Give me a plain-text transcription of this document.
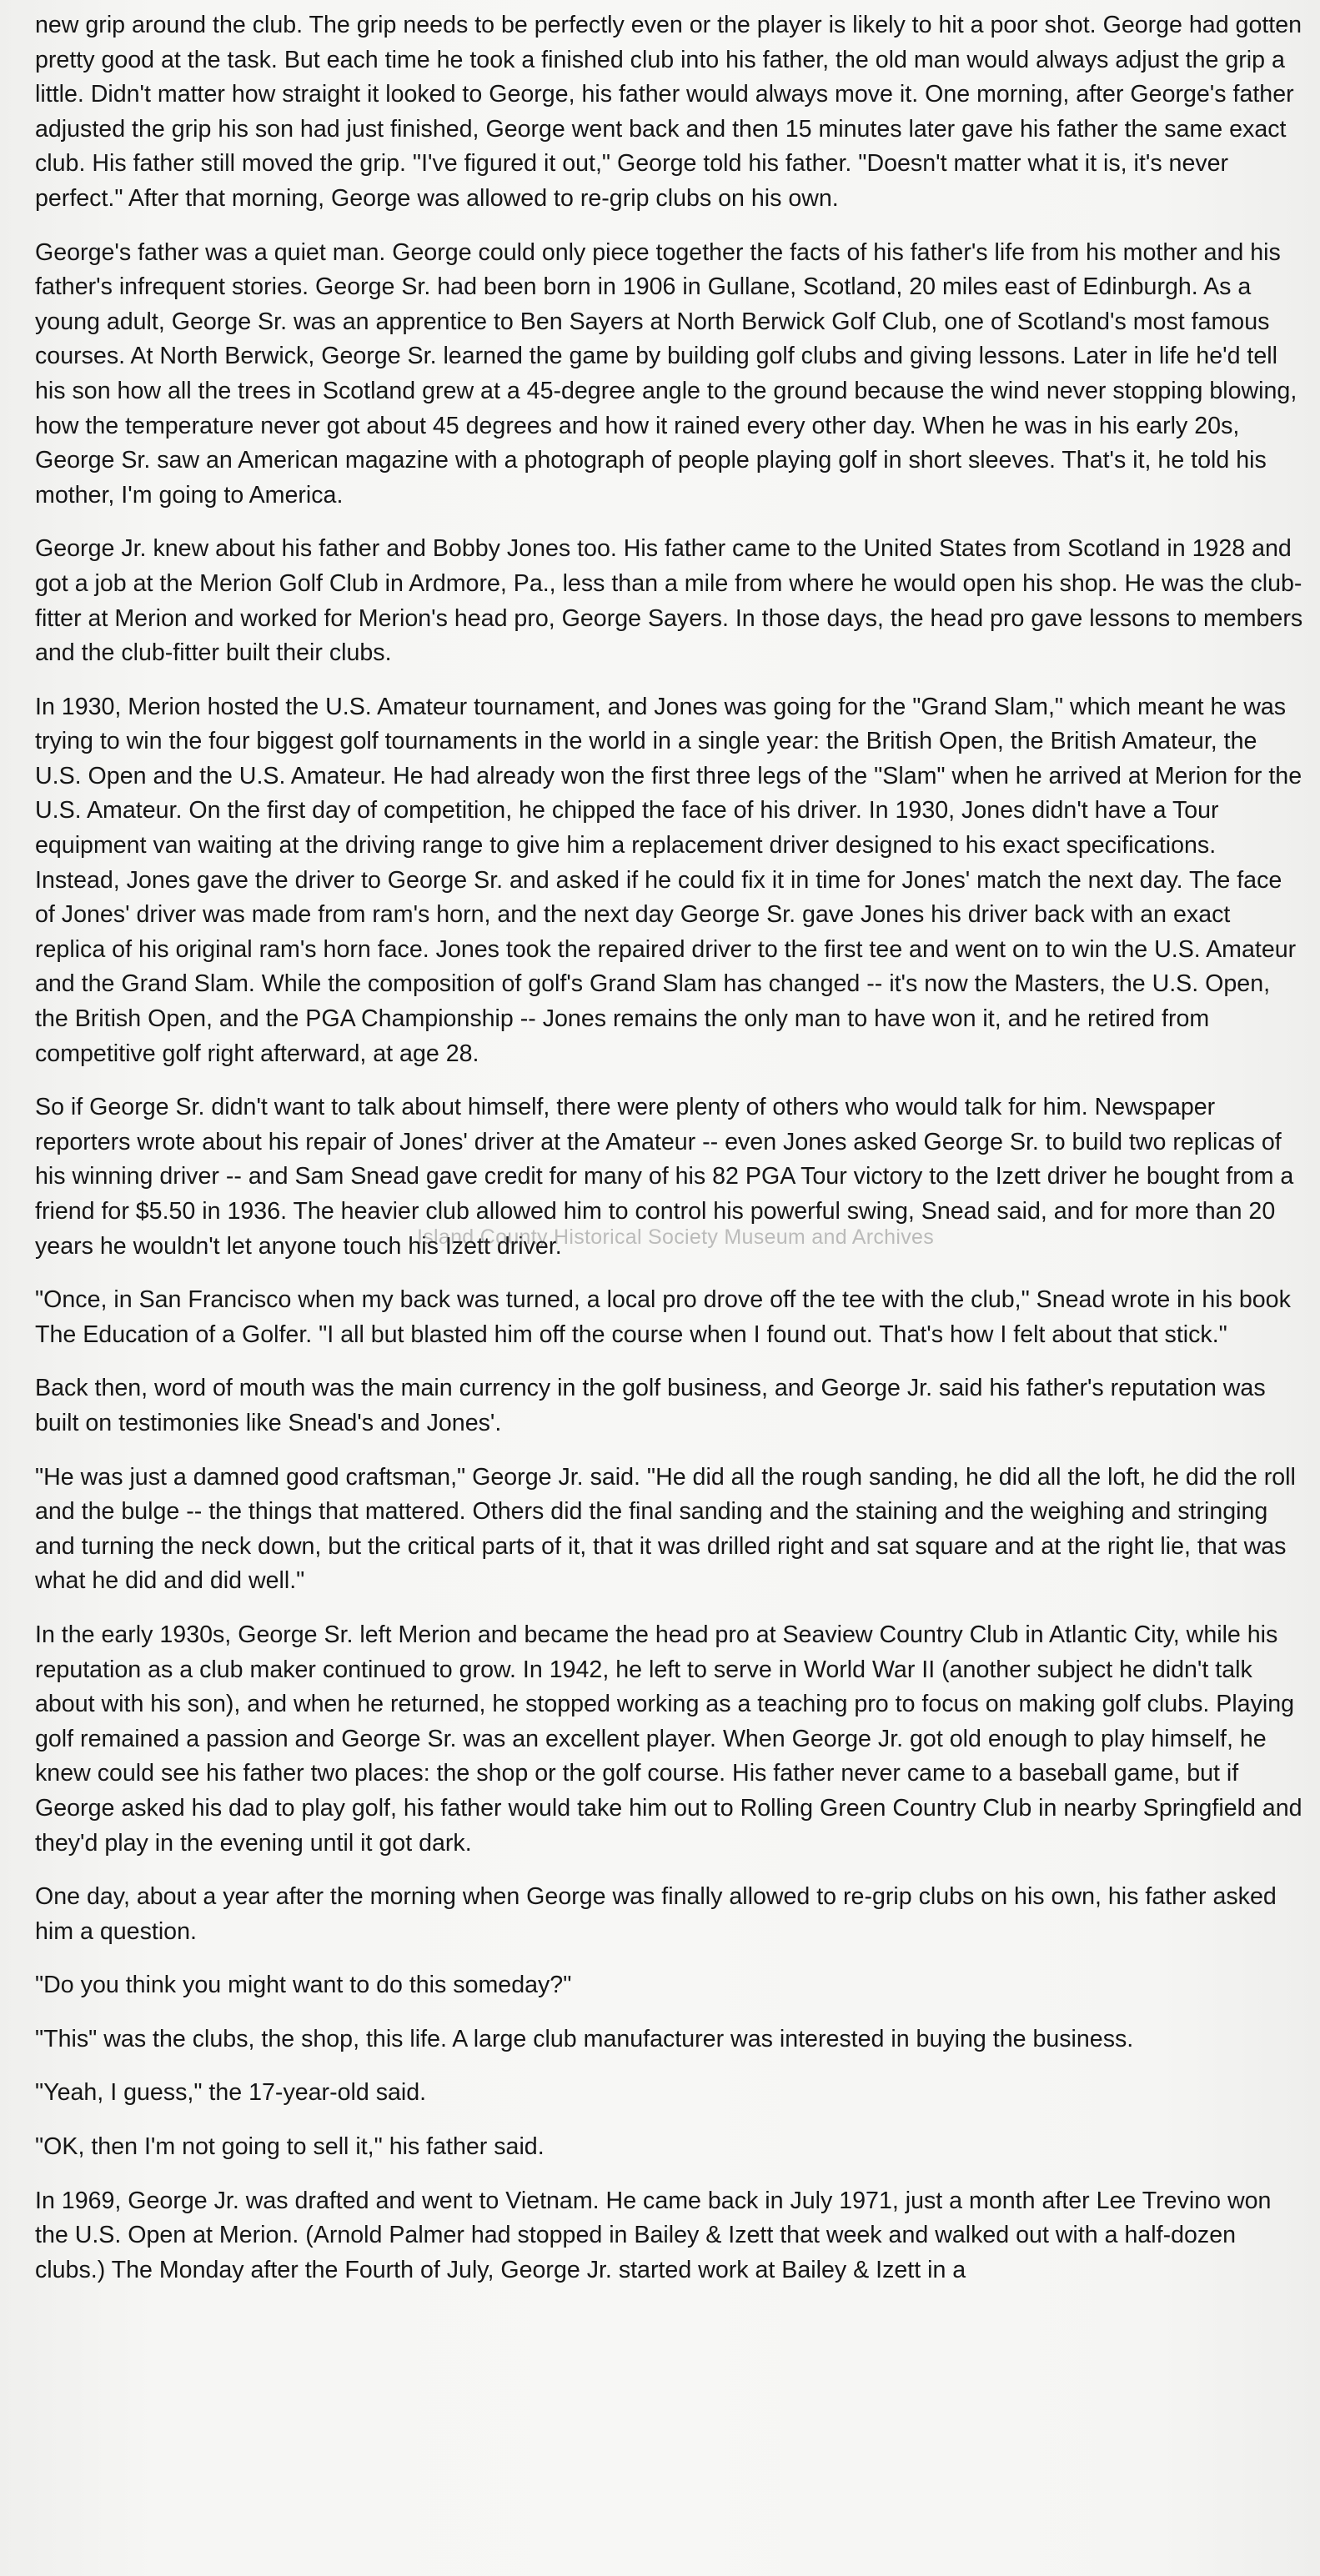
new grip around the club. The grip needs to be perfectly even or the player is likely to hit a poor shot. George had gotten pretty good at the task. But each time he took a finished club into his father, the old man would always adjust the grip a little. Didn't matter how straight it looked to George, his father would always move it. One morning, after George's father adjusted the grip his son had just finished, George went back and then 15 minutes later gave his father the same exact club. His father still moved the grip. "I've figured it out," George told his father. "Doesn't matter what it is, it's never perfect." After that morning, George was allowed to re-grip clubs on his own.

George's father was a quiet man. George could only piece together the facts of his father's life from his mother and his father's infrequent stories. George Sr. had been born in 1906 in Gullane, Scotland, 20 miles east of Edinburgh. As a young adult, George Sr. was an apprentice to Ben Sayers at North Berwick Golf Club, one of Scotland's most famous courses. At North Berwick, George Sr. learned the game by building golf clubs and giving lessons. Later in life he'd tell his son how all the trees in Scotland grew at a 45-degree angle to the ground because the wind never stopping blowing, how the temperature never got about 45 degrees and how it rained every other day. When he was in his early 20s, George Sr. saw an American magazine with a photograph of people playing golf in short sleeves. That's it, he told his mother, I'm going to America.

George Jr. knew about his father and Bobby Jones too. His father came to the United States from Scotland in 1928 and got a job at the Merion Golf Club in Ardmore, Pa., less than a mile from where he would open his shop. He was the club-fitter at Merion and worked for Merion's head pro, George Sayers. In those days, the head pro gave lessons to members and the club-fitter built their clubs.

In 1930, Merion hosted the U.S. Amateur tournament, and Jones was going for the "Grand Slam," which meant he was trying to win the four biggest golf tournaments in the world in a single year: the British Open, the British Amateur, the U.S. Open and the U.S. Amateur. He had already won the first three legs of the "Slam" when he arrived at Merion for the U.S. Amateur. On the first day of competition, he chipped the face of his driver. In 1930, Jones didn't have a Tour equipment van waiting at the driving range to give him a replacement driver designed to his exact specifications. Instead, Jones gave the driver to George Sr. and asked if he could fix it in time for Jones' match the next day. The face of Jones' driver was made from ram's horn, and the next day George Sr. gave Jones his driver back with an exact replica of his original ram's horn face. Jones took the repaired driver to the first tee and went on to win the U.S. Amateur and the Grand Slam. While the composition of golf's Grand Slam has changed -- it's now the Masters, the U.S. Open, the British Open, and the PGA Championship -- Jones remains the only man to have won it, and he retired from competitive golf right afterward, at age 28.

So if George Sr. didn't want to talk about himself, there were plenty of others who would talk for him. Newspaper reporters wrote about his repair of Jones' driver at the Amateur -- even Jones asked George Sr. to build two replicas of his winning driver -- and Sam Snead gave credit for many of his 82 PGA Tour victory to the Izett driver he bought from a friend for $5.50 in 1936. The heavier club allowed him to control his powerful swing, Snead said, and for more than 20 years he wouldn't let anyone touch his Izett driver.

"Once, in San Francisco when my back was turned, a local pro drove off the tee with the club," Snead wrote in his book The Education of a Golfer. "I all but blasted him off the course when I found out. That's how I felt about that stick."

Back then, word of mouth was the main currency in the golf business, and George Jr. said his father's reputation was built on testimonies like Snead's and Jones'.

"He was just a damned good craftsman," George Jr. said. "He did all the rough sanding, he did all the loft, he did the roll and the bulge -- the things that mattered. Others did the final sanding and the staining and the weighing and stringing and turning the neck down, but the critical parts of it, that it was drilled right and sat square and at the right lie, that was what he did and did well."

In the early 1930s, George Sr. left Merion and became the head pro at Seaview Country Club in Atlantic City, while his reputation as a club maker continued to grow. In 1942, he left to serve in World War II (another subject he didn't talk about with his son), and when he returned, he stopped working as a teaching pro to focus on making golf clubs. Playing golf remained a passion and George Sr. was an excellent player. When George Jr. got old enough to play himself, he knew could see his father two places: the shop or the golf course. His father never came to a baseball game, but if George asked his dad to play golf, his father would take him out to Rolling Green Country Club in nearby Springfield and they'd play in the evening until it got dark.

One day, about a year after the morning when George was finally allowed to re-grip clubs on his own, his father asked him a question.

"Do you think you might want to do this someday?"

"This" was the clubs, the shop, this life. A large club manufacturer was interested in buying the business.

"Yeah, I guess," the 17-year-old said.

"OK, then I'm not going to sell it," his father said.

In 1969, George Jr. was drafted and went to Vietnam. He came back in July 1971, just a month after Lee Trevino won the U.S. Open at Merion. (Arnold Palmer had stopped in Bailey & Izett that week and walked out with a half-dozen clubs.) The Monday after the Fourth of July, George Jr. started work at Bailey & Izett in a

Island County Historical Society Museum and Archives
